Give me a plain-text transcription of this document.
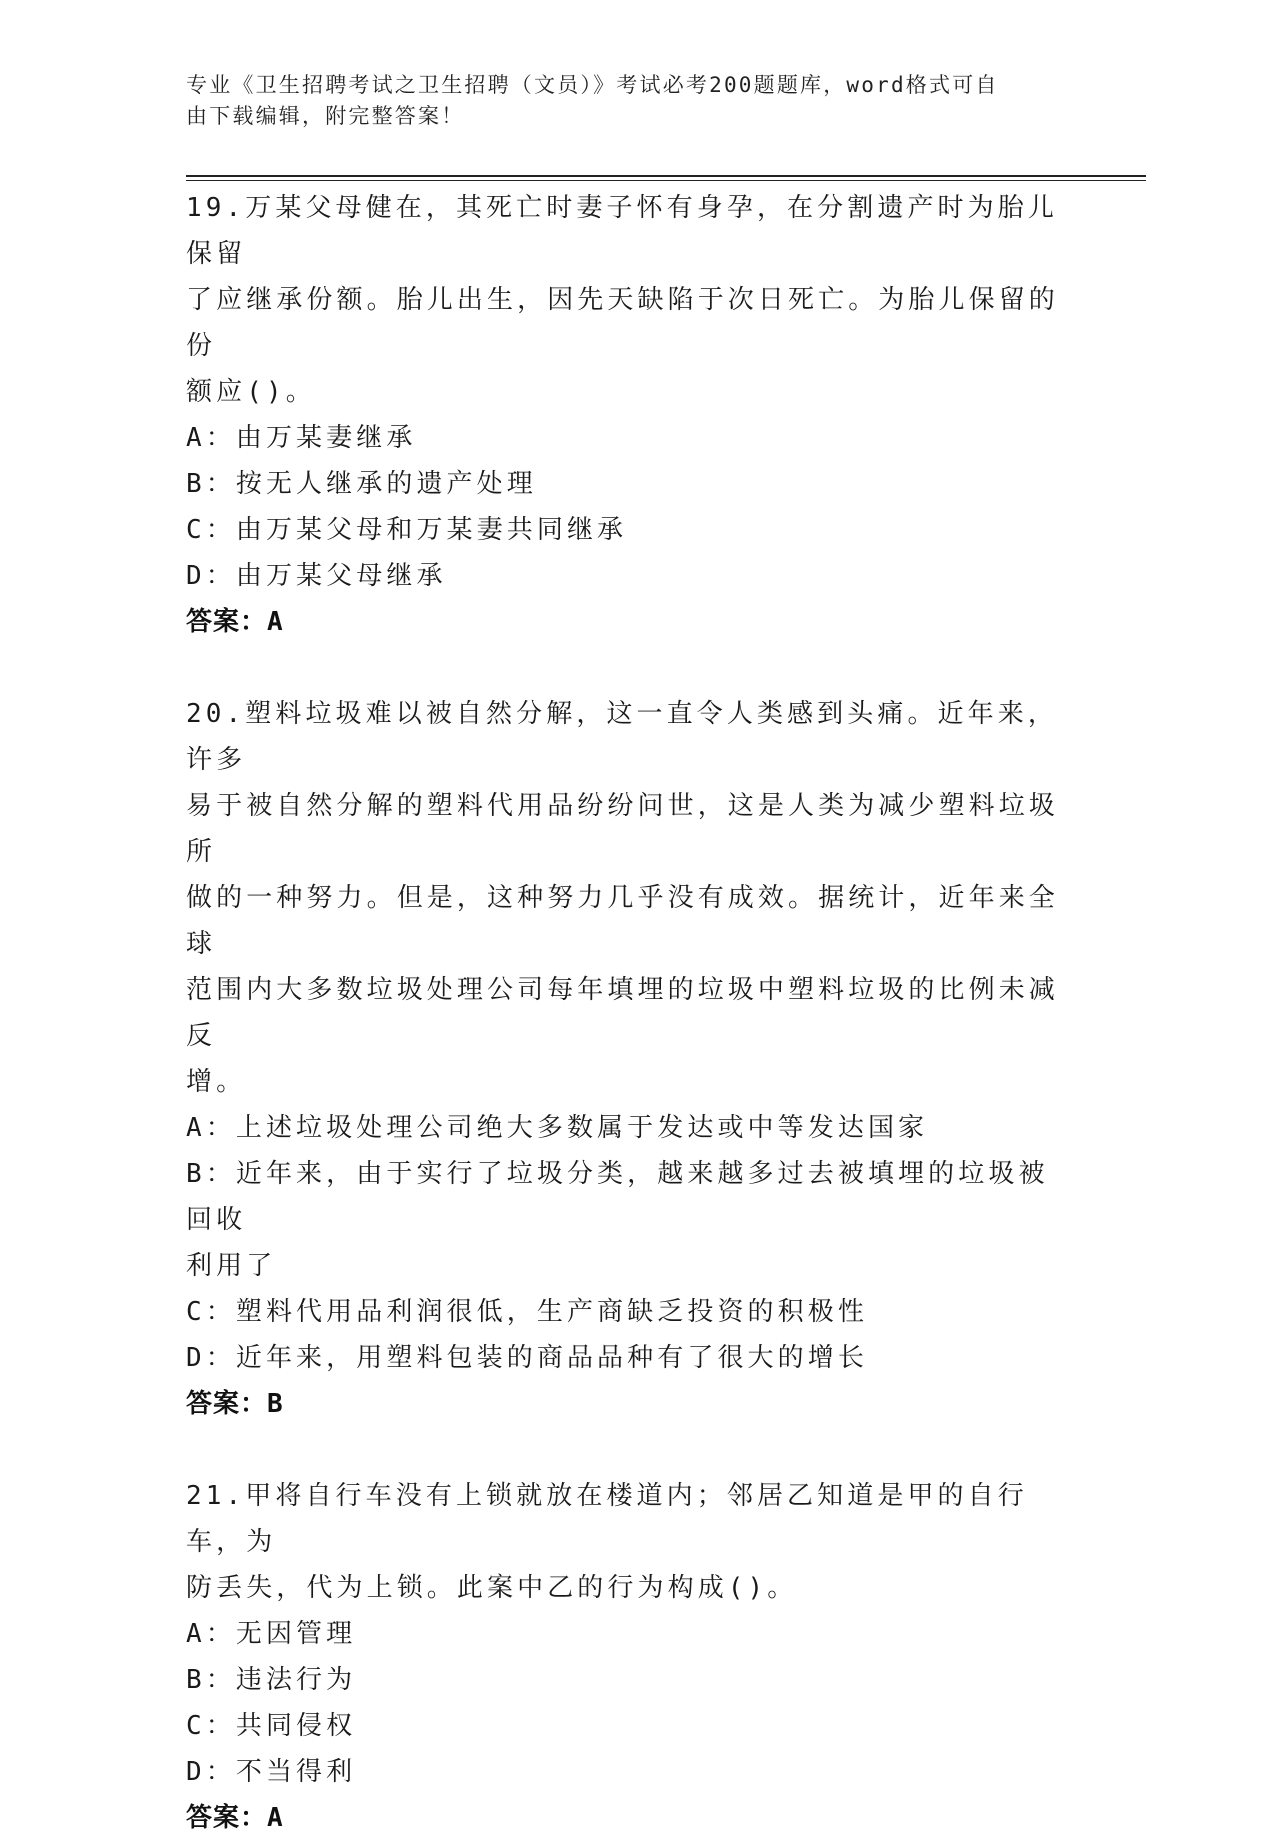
专业《卫生招聘考试之卫生招聘（文员）》考试必考200题题库，word格式可自
由下载编辑，附完整答案！
19.万某父母健在，其死亡时妻子怀有身孕，在分割遗产时为胎儿保留
了应继承份额。胎儿出生，因先天缺陷于次日死亡。为胎儿保留的份
额应()。
A：由万某妻继承
B：按无人继承的遗产处理
C：由万某父母和万某妻共同继承
D：由万某父母继承
答案：A
20.塑料垃圾难以被自然分解，这一直令人类感到头痛。近年来，许多
易于被自然分解的塑料代用品纷纷问世，这是人类为减少塑料垃圾所
做的一种努力。但是，这种努力几乎没有成效。据统计，近年来全球
范围内大多数垃圾处理公司每年填埋的垃圾中塑料垃圾的比例未减反
增。
A：上述垃圾处理公司绝大多数属于发达或中等发达国家
B：近年来，由于实行了垃圾分类，越来越多过去被填埋的垃圾被回收
利用了
C：塑料代用品利润很低，生产商缺乏投资的积极性
D：近年来，用塑料包装的商品品种有了很大的增长
答案：B
21.甲将自行车没有上锁就放在楼道内；邻居乙知道是甲的自行车，为
防丢失，代为上锁。此案中乙的行为构成()。
A：无因管理
B：违法行为
C：共同侵权
D：不当得利
答案：A
